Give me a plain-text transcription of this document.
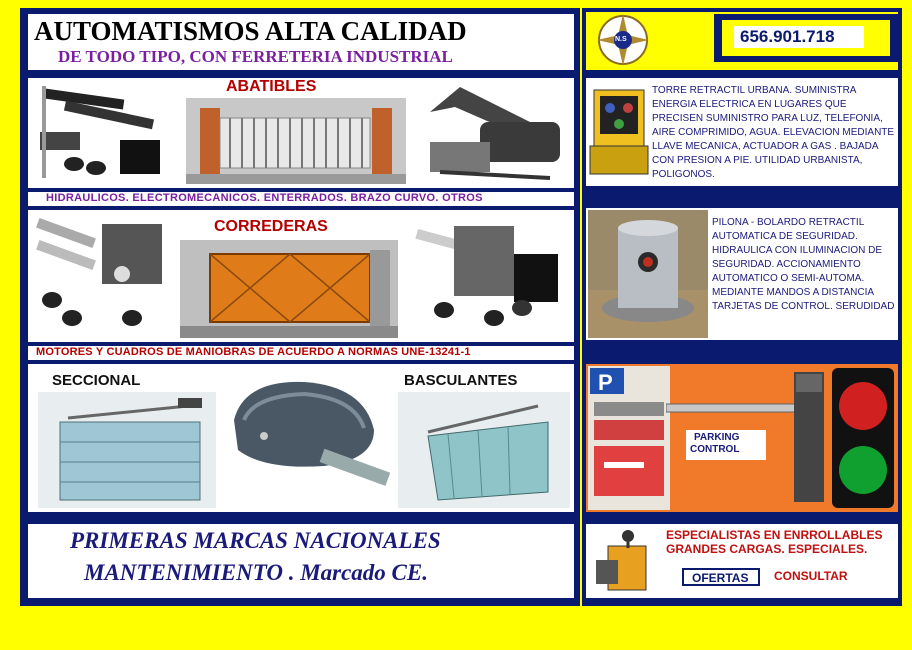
AUTOMATISMOS ALTA CALIDAD
DE TODO TIPO, CON FERRETERIA INDUSTRIAL
ABATIBLES
HIDRAULICOS. ELECTROMECANICOS. ENTERRADOS. BRAZO CURVO. OTROS
CORREDERAS
MOTORES Y CUADROS DE MANIOBRAS DE ACUERDO A NORMAS UNE-13241-1
SECCIONAL	BASCULANTES
PRIMERAS MARCAS NACIONALES
MANTENIMIENTO . Marcado CE.
N.S	656.901.718
TORRE RETRACTIL URBANA. SUMINISTRA ENERGIA ELECTRICA EN LUGARES QUE PRECISEN SUMINISTRO PARA LUZ, TELEFONIA, AIRE COMPRIMIDO, AGUA. ELEVACION MEDIANTE LLAVE MECANICA, ACTUADOR A GAS . BAJADA CON PRESION A PIE. UTILIDAD URBANISTA, POLIGONOS.
PILONA - BOLARDO RETRACTIL AUTOMATICA DE SEGURIDAD. HIDRAULICA CON ILUMINACION DE SEGURIDAD. ACCIONAMIENTO AUTOMATICO O SEMI-AUTOMA. MEDIANTE MANDOS A DISTANCIA TARJETAS DE CONTROL. SERUDIDAD
P
PARKING
CONTROL
ESPECIALISTAS EN ENRROLLABLES
GRANDES CARGAS. ESPECIALES.
OFERTAS CONSULTAR
